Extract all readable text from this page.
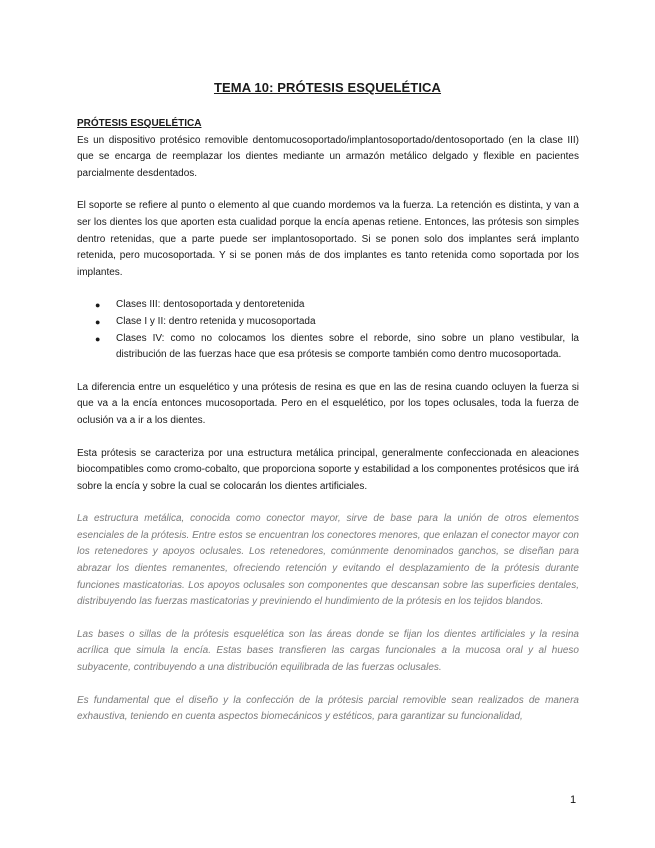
TEMA 10: PRÓTESIS ESQUELÉTICA
PRÓTESIS ESQUELÉTICA

Es un dispositivo protésico removible dentomucosoportado/implantosoportado/dentosoportado (en la clase III) que se encarga de reemplazar los dientes mediante un armazón metálico delgado y flexible en pacientes parcialmente desdentados.

El soporte se refiere al punto o elemento al que cuando mordemos va la fuerza. La retención es distinta, y van a ser los dientes los que aporten esta cualidad porque la encía apenas retiene. Entonces, las prótesis son simples dentro retenidas, que a parte puede ser implantosoportado. Si se ponen solo dos implantes será implanto retenida, pero mucosoportada. Y si se ponen más de dos implantes es tanto retenida como soportada por los implantes.

● Clases III: dentosoportada y dentoretenida
● Clase I y II: dentro retenida y mucosoportada
● Clases IV: como no colocamos los dientes sobre el reborde, sino sobre un plano vestibular, la distribución de las fuerzas hace que esa prótesis se comporte también como dentro mucosoportada.

La diferencia entre un esquelético y una prótesis de resina es que en las de resina cuando ocluyen la fuerza si que va a la encía entonces mucosoportada. Pero en el esquelético, por los topes oclusales, toda la fuerza de oclusión va a ir a los dientes.

Esta prótesis se caracteriza por una estructura metálica principal, generalmente confeccionada en aleaciones biocompatibles como cromo-cobalto, que proporciona soporte y estabilidad a los componentes protésicos que irá sobre la encía y sobre la cual se colocarán los dientes artificiales.

La estructura metálica, conocida como conector mayor, sirve de base para la unión de otros elementos esenciales de la prótesis. Entre estos se encuentran los conectores menores, que enlazan el conector mayor con los retenedores y apoyos oclusales. Los retenedores, comúnmente denominados ganchos, se diseñan para abrazar los dientes remanentes, ofreciendo retención y evitando el desplazamiento de la prótesis durante funciones masticatorias. Los apoyos oclusales son componentes que descansan sobre las superficies dentales, distribuyendo las fuerzas masticatorias y previniendo el hundimiento de la prótesis en los tejidos blandos.

Las bases o sillas de la prótesis esquelética son las áreas donde se fijan los dientes artificiales y la resina acrílica que simula la encía. Estas bases transfieren las cargas funcionales a la mucosa oral y al hueso subyacente, contribuyendo a una distribución equilibrada de las fuerzas oclusales.

Es fundamental que el diseño y la confección de la prótesis parcial removible sean realizados de manera exhaustiva, teniendo en cuenta aspectos biomecánicos y estéticos, para garantizar su funcionalidad,

1
